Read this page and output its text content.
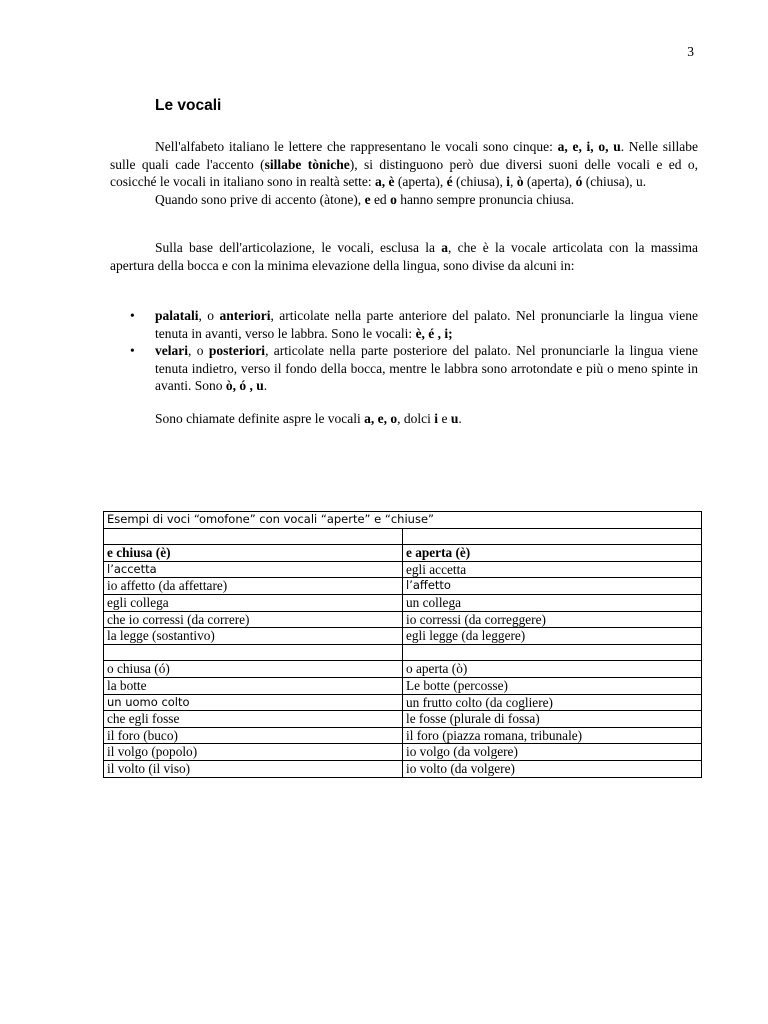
3
Le vocali
Nell'alfabeto italiano le lettere che rappresentano le vocali sono cinque: a, e, i, o, u. Nelle sillabe sulle quali cade l'accento (sillabe tòniche), si distinguono però due diversi suoni delle vocali e ed o, cosicché le vocali in italiano sono in realtà sette: a, è (aperta), é (chiusa), i, ò (aperta), ó (chiusa), u.
Quando sono prive di accento (àtone), e ed o hanno sempre pronuncia chiusa.
Sulla base dell'articolazione, le vocali, esclusa la a, che è la vocale articolata con la massima apertura della bocca e con la minima elevazione della lingua, sono divise da alcuni in:
• palatali, o anteriori, articolate nella parte anteriore del palato. Nel pronunciarle la lingua viene tenuta in avanti, verso le labbra. Sono le vocali: è, é , i;
• velari, o posteriori, articolate nella parte posteriore del palato. Nel pronunciarle la lingua viene tenuta indietro, verso il fondo della bocca, mentre le labbra sono arrotondate e più o meno spinte in avanti. Sono ò, ó , u.
Sono chiamate definite aspre le vocali a, e, o, dolci i e u.
Esempi di voci “omofone” con vocali “aperte” e “chiuse”	

e chiusa (è)	e aperta (è)
l’accetta	egli accetta
io affetto (da affettare)	l’affetto
egli collega	un collega
che io corressi (da correre)	io corressi (da correggere)
la legge (sostantivo)	egli legge (da leggere)

o chiusa (ó)	o aperta (ò)
la botte	Le botte (percosse)
un uomo colto	un frutto colto (da cogliere)
che egli fosse	le fosse (plurale di fossa)
il foro (buco)	il foro (piazza romana, tribunale)
il volgo (popolo)	io volgo (da volgere)
il volto (il viso)	io volto (da volgere)
